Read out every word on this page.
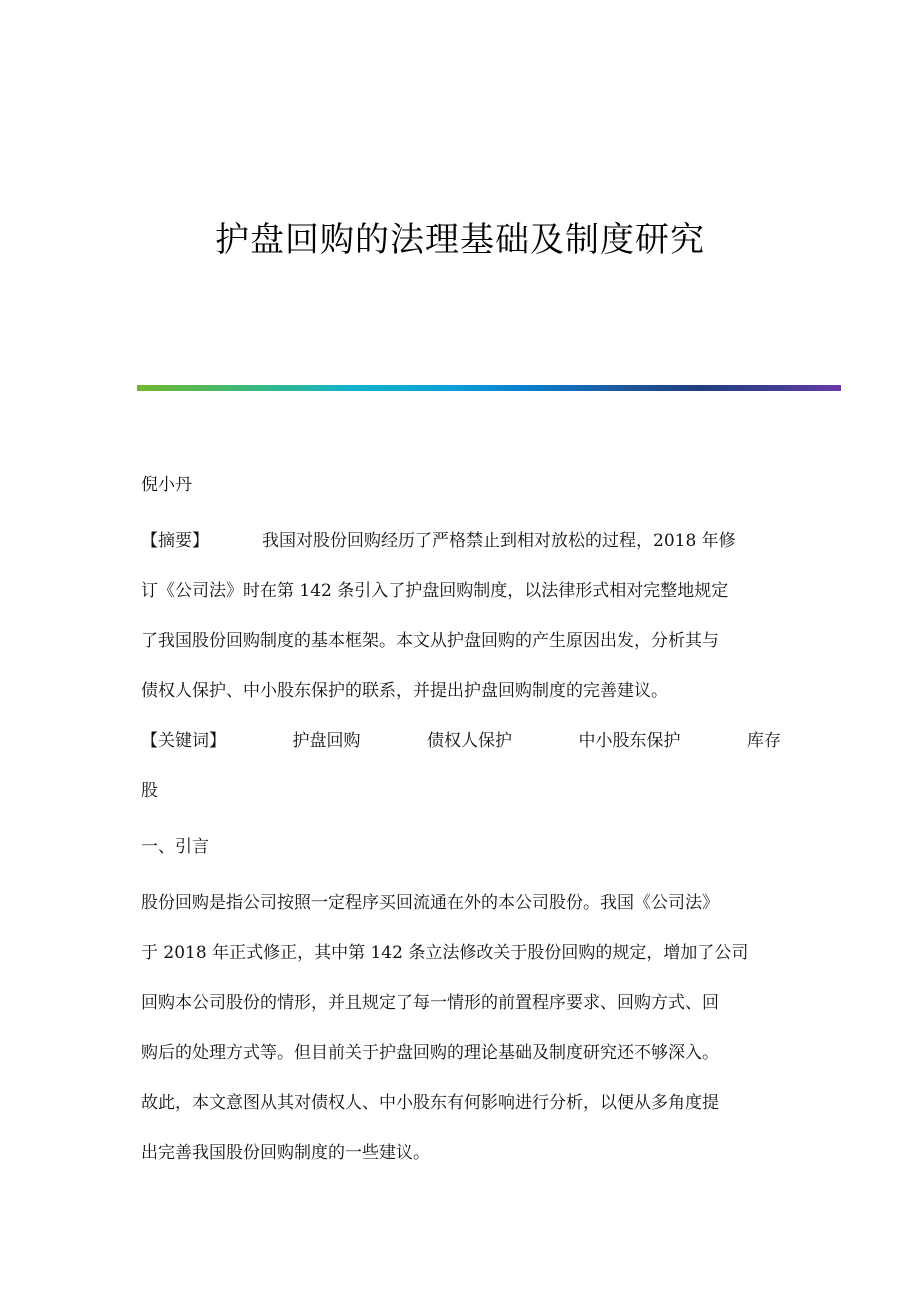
护盘回购的法理基础及制度研究
倪小丹
【摘要】	我国对股份回购经历了严格禁止到相对放松的过程，2018 年修
订《公司法》时在第 142 条引入了护盘回购制度，以法律形式相对完整地规定
了我国股份回购制度的基本框架。本文从护盘回购的产生原因出发，分析其与
债权人保护、中小股东保护的联系，并提出护盘回购制度的完善建议。
【关键词】	护盘回购	债权人保护	中小股东保护	库存
股
一、引言
股份回购是指公司按照一定程序买回流通在外的本公司股份。我国《公司法》
于 2018 年正式修正，其中第 142 条立法修改关于股份回购的规定，增加了公司
回购本公司股份的情形，并且规定了每一情形的前置程序要求、回购方式、回
购后的处理方式等。但目前关于护盘回购的理论基础及制度研究还不够深入。
故此，本文意图从其对债权人、中小股东有何影响进行分析，以便从多角度提
出完善我国股份回购制度的一些建议。
